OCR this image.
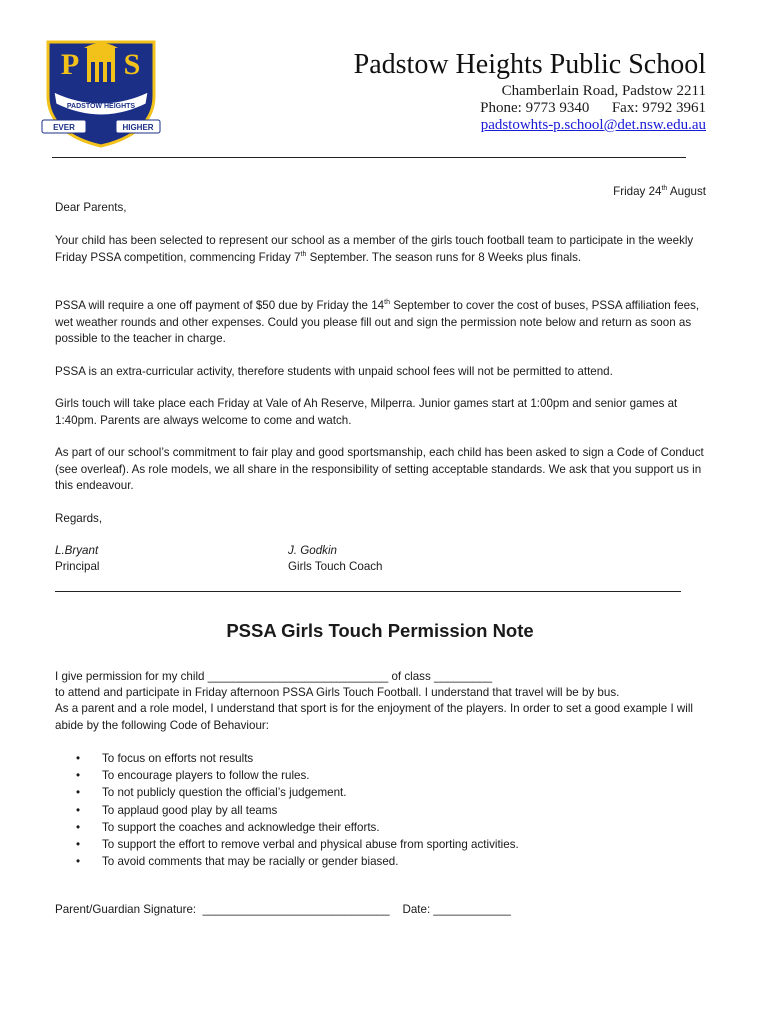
P S
PADSTOW HEIGHTS
EVER	HIGHER
Padstow Heights Public School
Chamberlain Road, Padstow 2211
Phone: 9773 9340 Fax: 9792 3961
padstowhts-p.school@det.nsw.edu.au
Friday 24th August

Dear Parents,

Your child has been selected to represent our school as a member of the girls touch football team to participate in the weekly Friday PSSA competition, commencing Friday 7th September. The season runs for 8 Weeks plus finals.

PSSA will require a one off payment of $50 due by Friday the 14th September to cover the cost of buses, PSSA affiliation fees, wet weather rounds and other expenses. Could you please fill out and sign the permission note below and return as soon as possible to the teacher in charge.

PSSA is an extra-curricular activity, therefore students with unpaid school fees will not be permitted to attend.

Girls touch will take place each Friday at Vale of Ah Reserve, Milperra. Junior games start at 1:00pm and senior games at 1:40pm. Parents are always welcome to come and watch.

As part of our school’s commitment to fair play and good sportsmanship, each child has been asked to sign a Code of Conduct (see overleaf). As role models, we all share in the responsibility of setting acceptable standards. We ask that you support us in this endeavour.

Regards,

L.Bryant
Principal
J. Godkin
Girls Touch Coach
PSSA Girls Touch Permission Note

I give permission for my child ____________________________ of class _________

to attend and participate in Friday afternoon PSSA Girls Touch Football. I understand that travel will be by bus.

As a parent and a role model, I understand that sport is for the enjoyment of the players. In order to set a good example I will abide by the following Code of Behaviour:

• To focus on efforts not results
• To encourage players to follow the rules.
• To not publicly question the official’s judgement.
• To applaud good play by all teams
• To support the coaches and acknowledge their efforts.
• To support the effort to remove verbal and physical abuse from sporting activities.
• To avoid comments that may be racially or gender biased.
Parent/Guardian Signature:  _____________________________    Date: ____________
